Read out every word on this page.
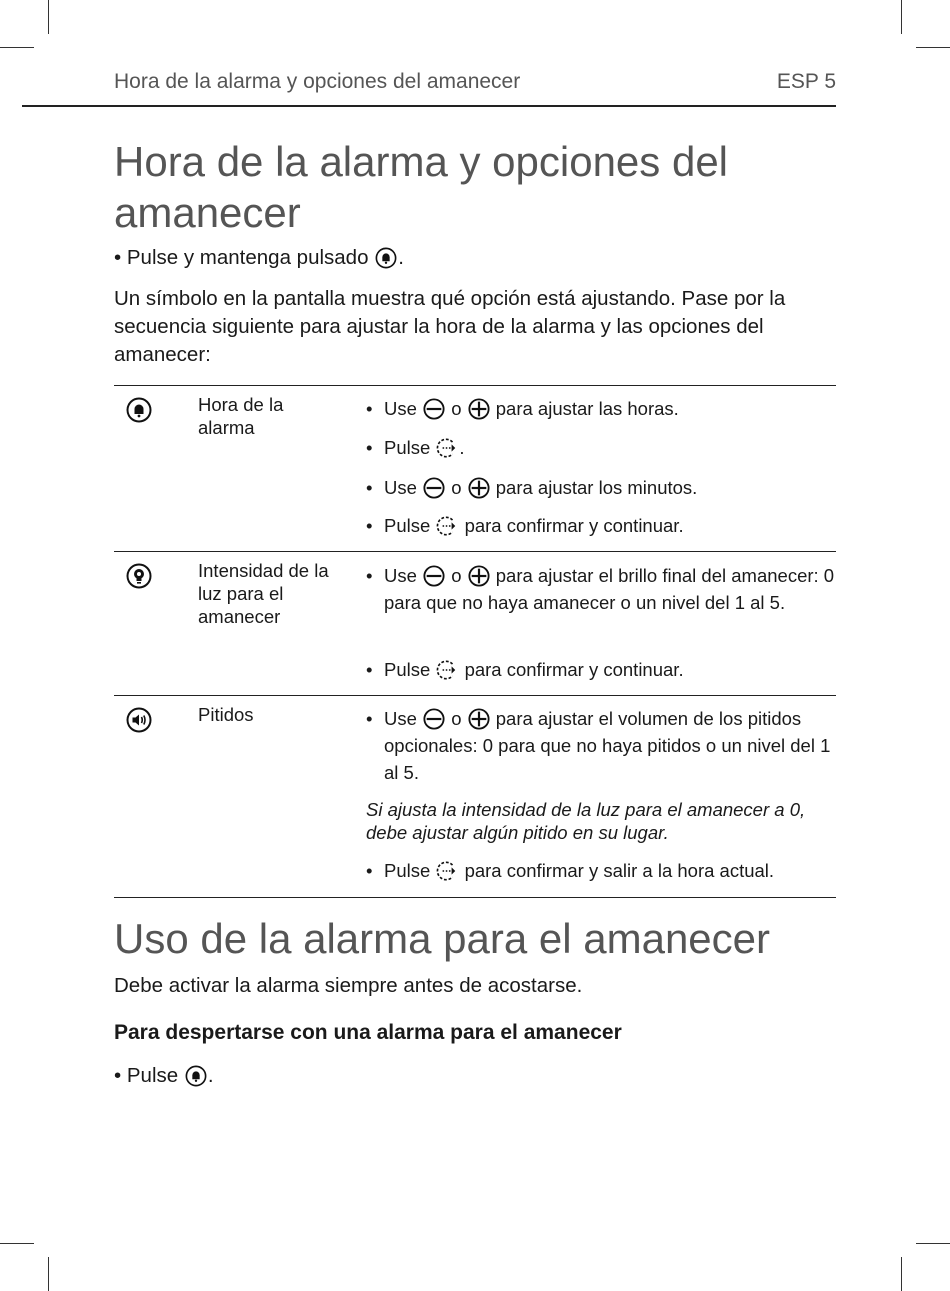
Hora de la alarma y opciones del amanecer	ESP 5
Hora de la alarma y opciones del amanecer

• Pulse y mantenga pulsado .

Un símbolo en la pantalla muestra qué opción está ajustando. Pase por la secuencia siguiente para ajustar la hora de la alarma y las opciones del amanecer:

Hora de la alarma
• Use o para ajustar las horas.
• Pulse .
• Use o para ajustar los minutos.
• Pulse para confirmar y continuar.
Intensidad de la luz para el amanecer
• Use o para ajustar el brillo final del amanecer: 0 para que no haya amanecer o un nivel del 1 al 5.
• Pulse para confirmar y continuar.
Pitidos	• Use o para ajustar el volumen de los pitidos opcionales: 0 para que no haya pitidos o un nivel del 1 al 5.
Si ajusta la intensidad de la luz para el amanecer a 0, debe ajustar algún pitido en su lugar.
• Pulse para confirmar y salir a la hora actual.
Uso de la alarma para el amanecer

Debe activar la alarma siempre antes de acostarse.

Para despertarse con una alarma para el amanecer

• Pulse .
